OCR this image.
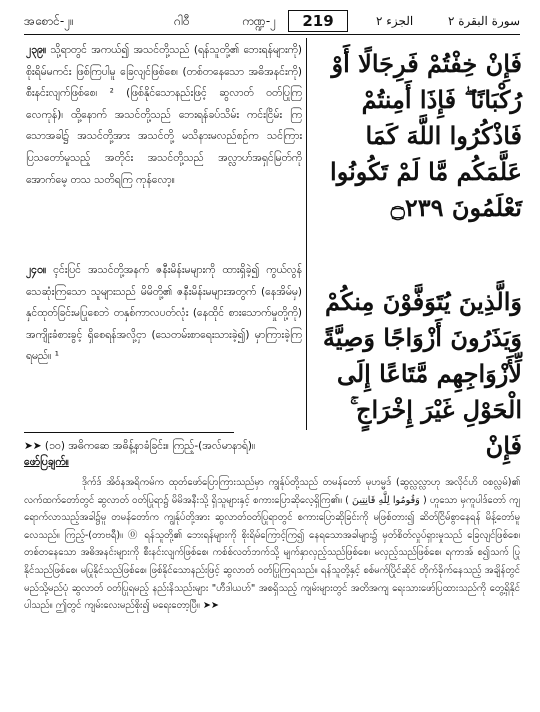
အစောင်-၂။	ဂါဝီ	ကဏ္ဍ-၂	219	الجزء ۲	سورة البقرة ۲

၂၃၉။ သို့ရာတွင် အကယ်၍ အသင်တို့သည် (ရန်သူတို့၏ ဘေးရန်များကို) စိုးရိမ်မကင်း ဖြစ်ကြပါမူ ခြေလျင်ဖြစ်စေ၊ (တစ်တနေသော အဓိအနင်းကို) စီးနင်းလျက်ဖြစ်စေ၊ ² (ဖြစ်နိုင်သောနည်းဖြင့် ဆွလာတ် ဝတ်ပြုကြ လေကုန်)၊ ထို့နောက် အသင်တို့သည် ဘေးရန်ခပ်သိမ်း ကင်းငြိမ်း ကြသောအခါ၌ အသင်တို့အား အသင်တို့ မသိနားမလည်စဉ်က သင်ကြား ပြသတော်မူသည့် အတိုင်း အသင်တို့သည် အလ္လာဟ်အရှင်မြတ်ကို အောက်မေ့ တသ သတိရကြ ကုန်လော့။

فَإِنْ خِفْتُمْ فَرِجَالًا أَوْ رُكْبَانًا ۖ فَإِذَا أَمِنتُمْ فَاذْكُرُوا اللَّهَ كَمَا عَلَّمَكُم مَّا لَمْ تَكُونُوا تَعْلَمُونَ ۝٢٣٩

၂၄၀။ ၚင်းပြင် အသင်တို့အနက် ဇနီးမိန်းမများကို ထားရှိခဲ့၍ ကွယ်လွန်သေဆုံးကြသော သူများသည် မိမိတို့၏ ဇနီးမိန်းမများအတွက် (နေအိမ်မှ) နှင်ထုတ်ခြင်းမပြုစေဘဲ တနှစ်ကာလပတ်လုံး (နေထိုင် စားသောက်မှုတို့ကို) အကျိုးခံစားခွင့် ရှိစေရန်အလို့ငှာ (သေတမ်းစာရေးသားခဲ့၍) မှာကြားခဲ့ကြရမည်။ ¹

وَالَّذِينَ يُتَوَفَّوْنَ مِنكُمْ وَيَذَرُونَ أَزْوَاجًا وَصِيَّةً لِّأَزْوَاجِهِم مَّتَاعًا إِلَى الْحَوْلِ غَيْرَ إِخْرَاجٍ ۚ فَإِنْ

➤➤ (၁၀) အဓိကဆေ အဓိန့်နာခံခြင်း။ ကြည့်-(အလ်မာနာရ်)။
ဖော်ပြချက်။

ဒိုက်ဒ် အိဝ်နအရိကမ်က ထုတ်ဖော်ပြောကြားသည်မှာ ကျွန်ုပ်တို့သည် တမန်တော် မုဟမ္မဒ် (ဆွလ္လလ္လာဟု အလိုင်ဟိ ဝစလ္လမ်)၏ လက်ထက်တော်တွင် ဆွလာတ် ဝတ်ပြုရာ၌ မိမိအနီးသို့ ရှိသူများနှင့် စကားပြောဆိုလေ့ရှိကြ၏။ ( وَقُومُوا لِلَّهِ قَانِتِينَ ) ဟူသော မှကူပါဒ်တော် ကျရောက်လာသည့်အခါ၌မူ တမန်တော်က ကျွန်ုပ်တို့အား ဆွလာတ်ဝတ်ပြုရာတွင် စကားပြောဆိုခြင်းကို မဖြစ်တား၍ ဆိတ်ငြိမ်စွာနေရန် မိန့်တော်မူလေသည်။ ကြည့်-(တာဗရီ)။ ⓪ ရန်သူတို့၏ ဘေးရန်များကို စိုးရိမ်ကြောင့်ကြ၍ နေရသောအခါများ၌ မှတ်စိတ်လှုပ်ရှားမှုသည် ခြေလျင်ဖြစ်စေ၊ တစ်တနေသော အဓိအနင်းများကို စီးနင်းလျက်ဖြစ်စေ၊ ကစ်စ်လတ်ဘက်သို့ မျက်နှာလှည့်သည်ဖြစ်စေ၊ မလှည့်သည်ဖြစ်စေ၊ ရကာအ် စ၍သက် ပြုနိုင်သည်ဖြစ်စေ၊ မပြုနိုင်သည်ဖြစ်စေ၊ ဖြစ်နိုင်သောနည်းဖြင့် ဆွလာတ် ဝတ်ပြုကြရသည်။ ရန်သူတို့နှင့် စစ်မက်ပြိုင်ဆိုင် တိုက်ခိုက်နေသည့် အချိန်တွင် မည်သို့မည်ပုံ ဆွလာတ် ဝတ်ပြုရမည့် နည်းနိသည်းများ "ဟီဒါယဟ်" အစရှိသည့် ကျမ်းများတွင် အတိအကျ ရေးသားဖော်ပြထားသည်ကို တွေ့ရှိနိုင်ပါသည်။ ဤတွင် ကျမ်းလေးမည်စိုး၍ မရေးတော့ပြီ။ ➤➤
